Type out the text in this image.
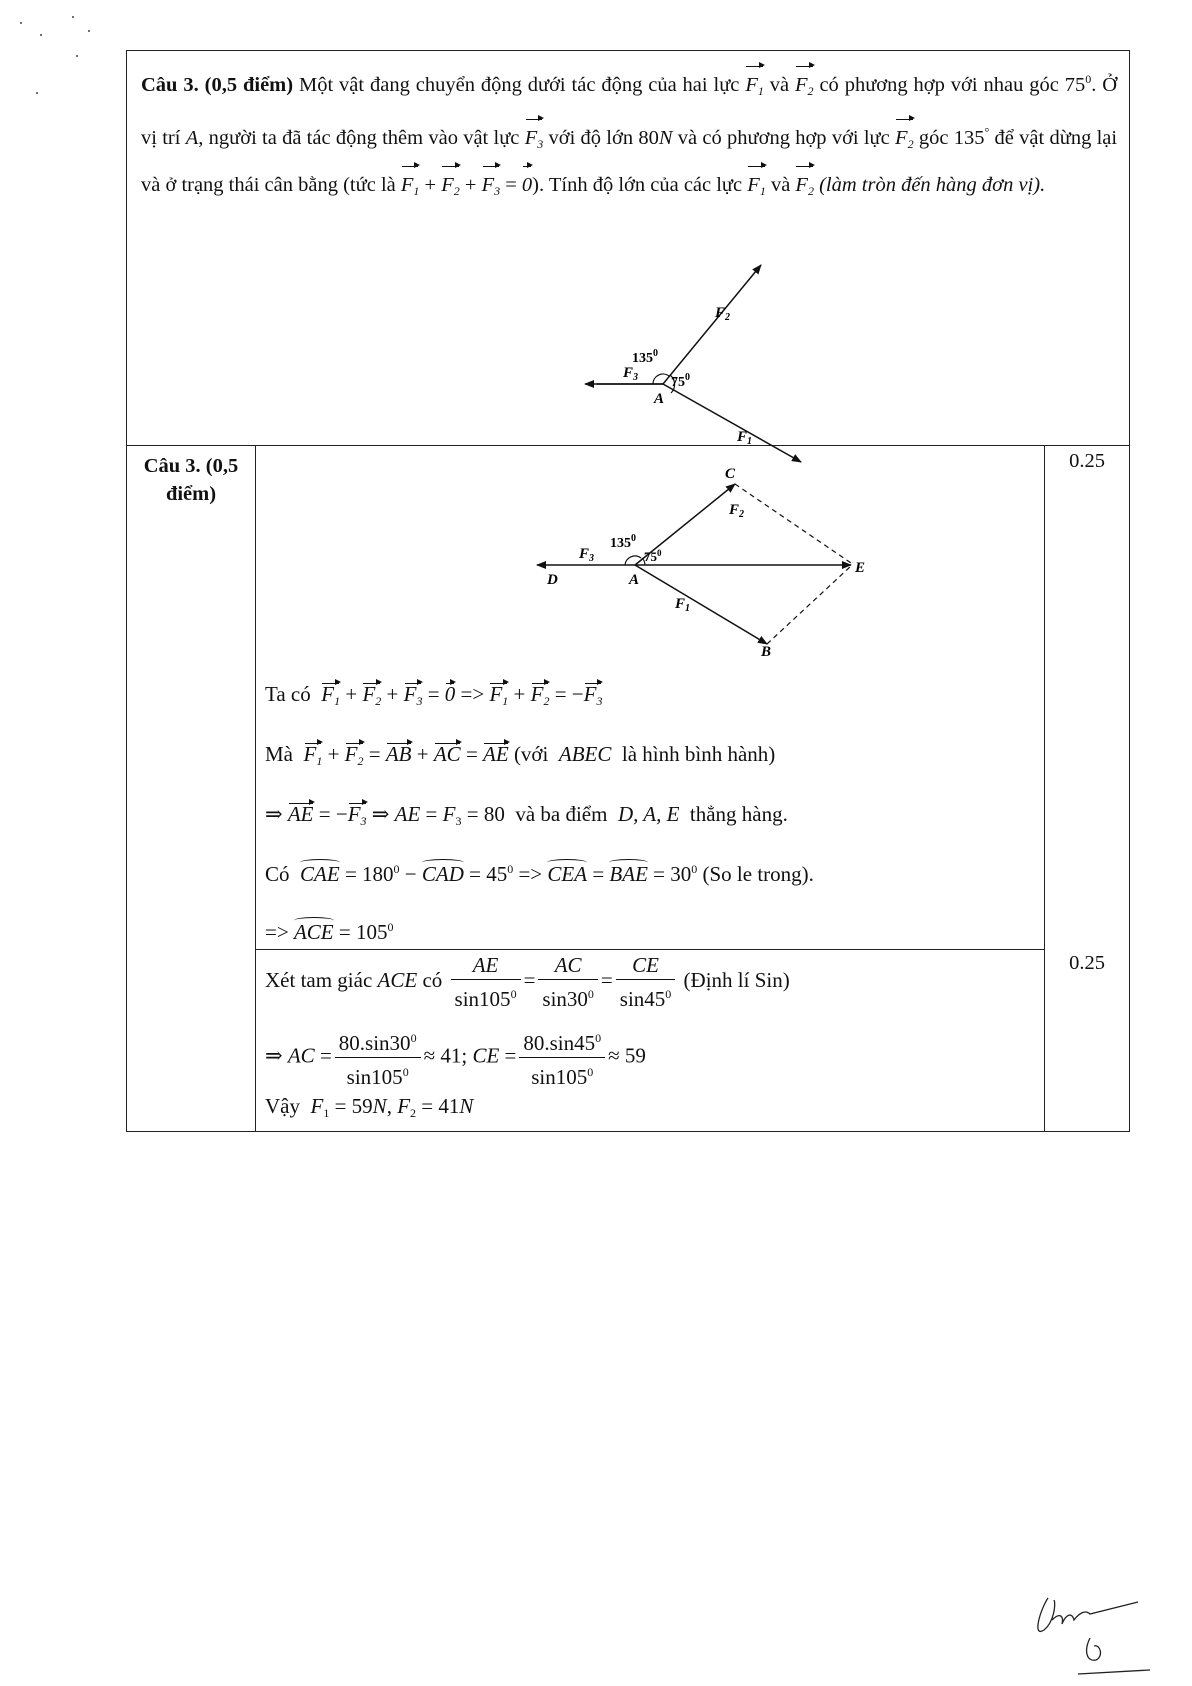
Câu 3. (0,5 điểm) Một vật đang chuyển động dưới tác động của hai lực $F_1$ và $F_2$ có phương hợp với nhau góc $75^0$. Ở vị trí A, người ta đã tác động thêm vào vật lực $F_3$ với độ lớn 80N và có phương hợp với lực $F_2$ góc 135° để vật dừng lại và ở trạng thái cân bằng (tức là $F_1 + F_2 + F_3 = 0$). Tính độ lớn của các lực $F_1$ và $F_2$ (làm tròn đến hàng đơn vị).
$F_2$
$F_3$
$F_1$
$135^0$
$75^0$
A
Câu 3. (0,5 điểm)
0.25
0.25
C
E
B
D	A
$F_2$
$F_3$
$F_1$
$135^0$
$75^0$
Ta có $F_1 + F_2 + F_3 = 0 => F_1 + F_2 = -F_3$
Mà $F_1 + F_2$ = AB + AC = AE (với ABEC là hình bình hành)
⇒ AE = $-F_3$ ⇒ AE = $F_3 = 80$ và ba điểm D, A, E thẳng hàng.
Có CAE = $180^0$ − CAD = $45^0$ => CEA = BAE = $30^0$ (So le trong).
=> ACE = $105^0$
Xét tam giác ACE có $\frac{AE}{\sin 105^0} = \frac{AC}{\sin 30^0} = \frac{CE}{\sin 45^0}$ (Định lí Sin)
⇒ AC = $\frac{80.\sin 30^0}{\sin 105^0} \approx 41$; CE = $\frac{80.\sin 45^0}{\sin 105^0} \approx 59$
Vậy $F_1 = 59N$, $F_2 = 41N$
